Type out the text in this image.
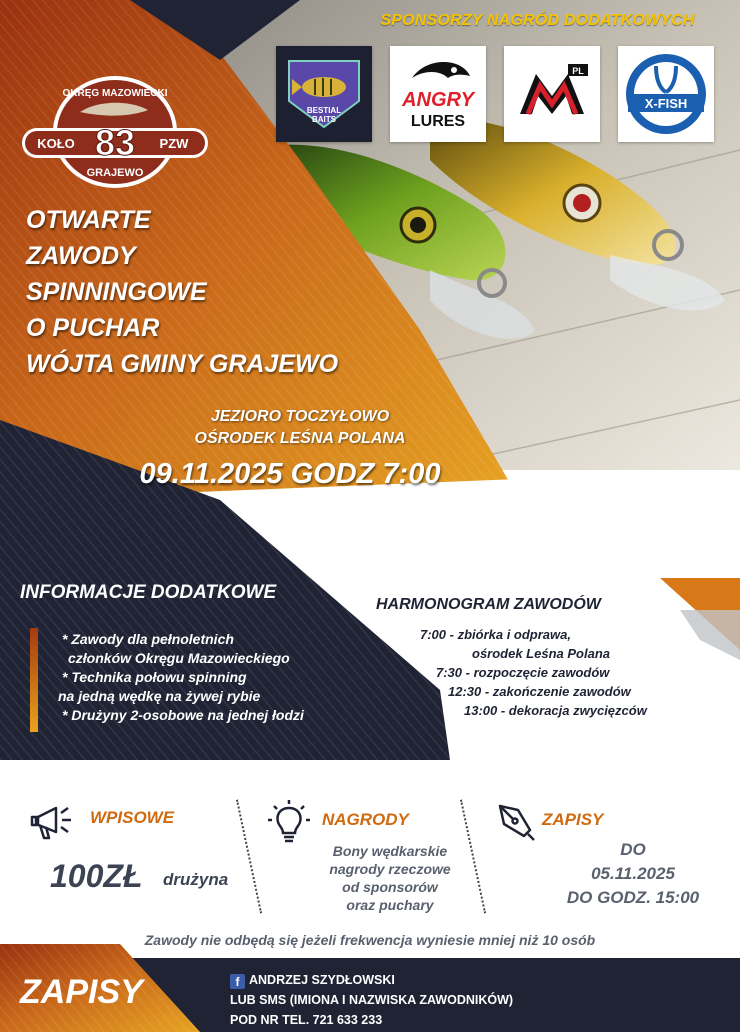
SPONSORZY NAGRÓD DODATKOWYCH
BESTIAL
BAITS
ANGRY
LURES
PL
X-FISH
OKRĘG MAZOWIECKI
KOŁO 83 PZW
GRAJEWO
OTWARTE
ZAWODY
SPINNINGOWE
O PUCHAR
WÓJTA GMINY GRAJEWO
JEZIORO TOCZYŁOWO
OŚRODEK LEŚNA POLANA
09.11.2025 GODZ 7:00
INFORMACJE DODATKOWE
* Zawody dla pełnoletnich
członków Okręgu Mazowieckiego
* Technika połowu spinning
na jedną wędkę na żywej rybie
* Drużyny 2-osobowe na jednej łodzi
HARMONOGRAM ZAWODÓW
7:00 - zbiórka i odprawa,
ośrodek Leśna Polana
7:30 - rozpoczęcie zawodów
12:30 - zakończenie zawodów
13:00 - dekoracja zwycięzców
WPISOWE
100ZŁ drużyna
NAGRODY
Bony wędkarskie
nagrody rzeczowe
od sponsorów
oraz puchary
ZAPISY
DO
05.11.2025
DO GODZ. 15:00
Zawody nie odbędą się jeżeli frekwencja wyniesie mniej niż 10 osób
ZAPISY	f ANDRZEJ SZYDŁOWSKI
LUB SMS (IMIONA I NAZWISKA ZAWODNIKÓW)
POD NR TEL. 721 633 233
